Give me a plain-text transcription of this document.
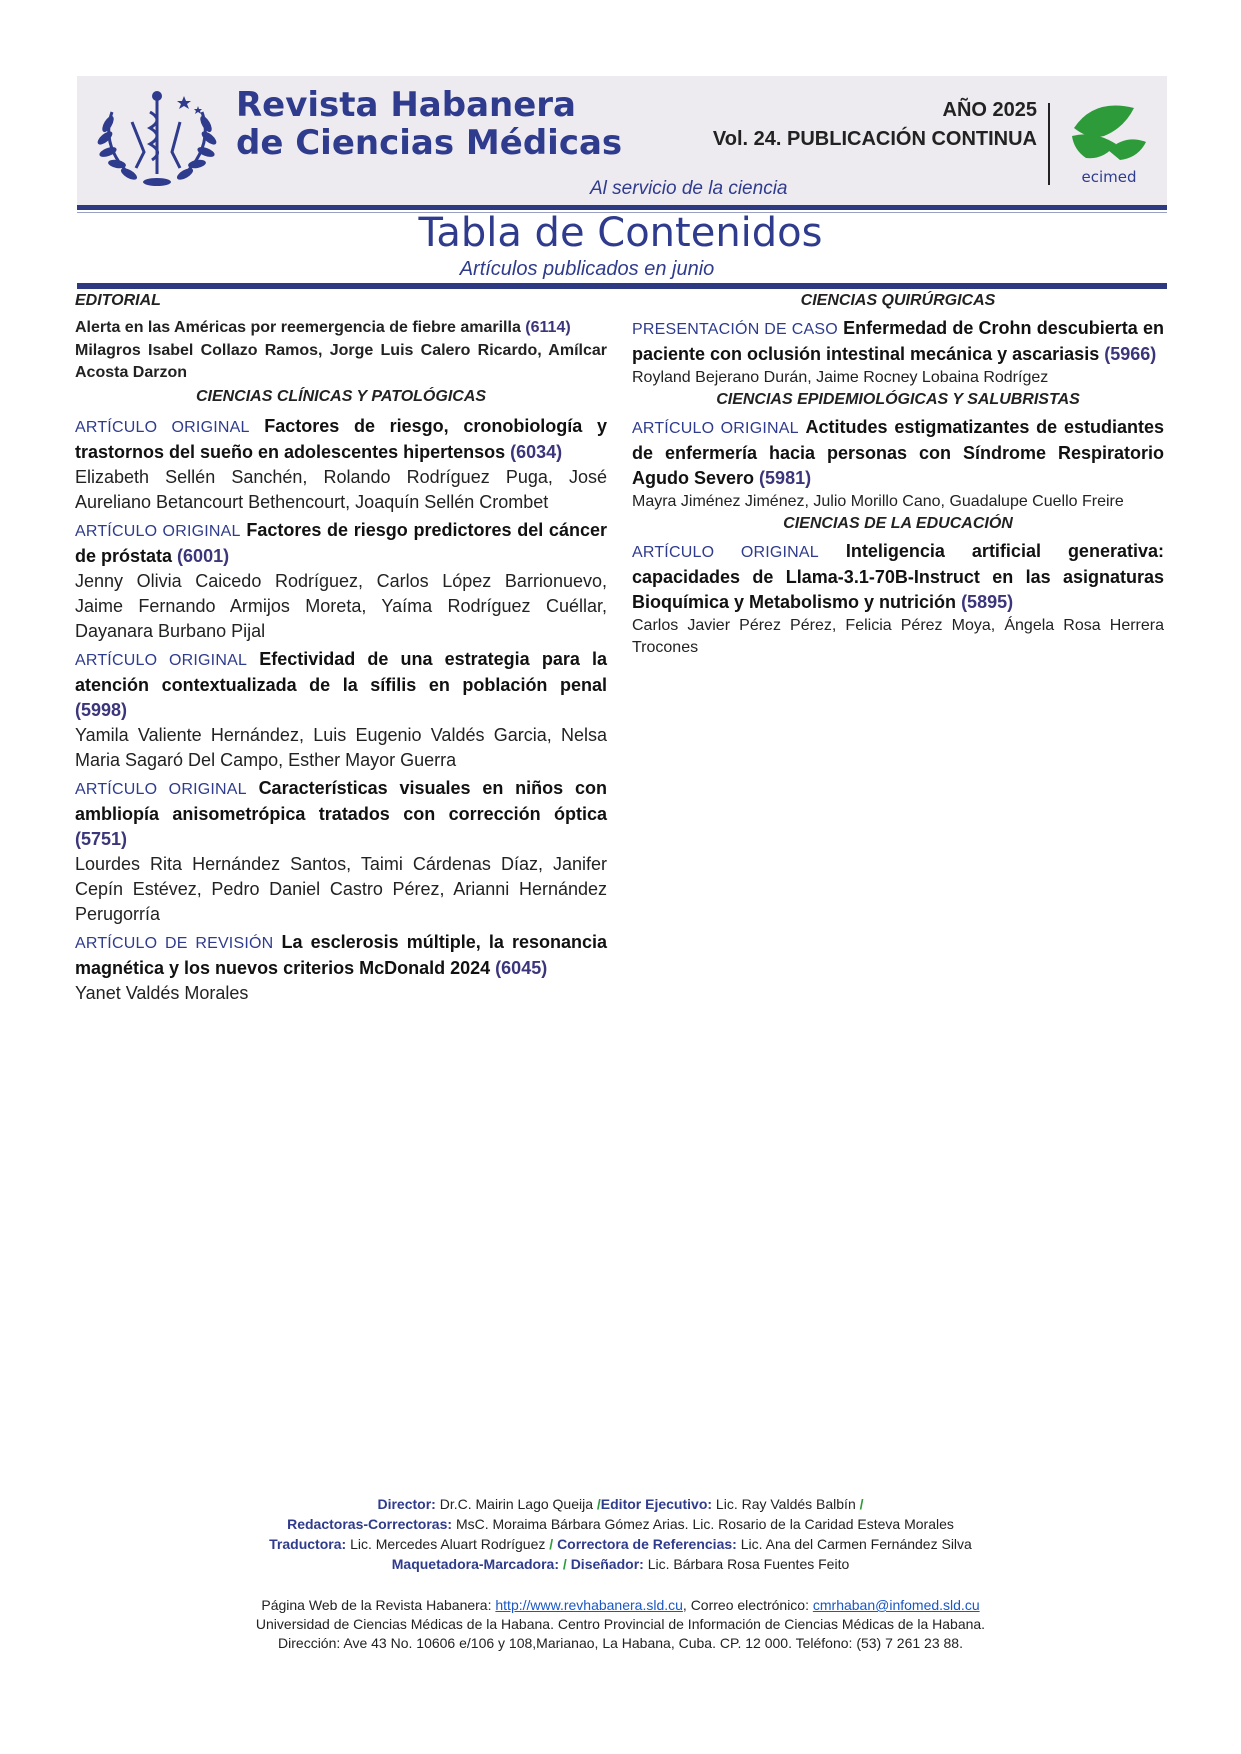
Revista Habanera
de Ciencias Médicas
AÑO 2025
Vol. 24. PUBLICACIÓN CONTINUA
ecimed
Al servicio de la ciencia
Tabla de Contenidos
Artículos publicados en junio
EDITORIAL
Alerta en las Américas por reemergencia de fiebre amarilla (6114)
Milagros Isabel Collazo Ramos, Jorge Luis Calero Ricardo, Amílcar Acosta Darzon
CIENCIAS CLÍNICAS Y PATOLÓGICAS
ARTÍCULO ORIGINAL Factores de riesgo, cronobiología y trastornos del sueño en adolescentes hipertensos (6034)
Elizabeth Sellén Sanchén, Rolando Rodríguez Puga, José Aureliano Betancourt Bethencourt, Joaquín Sellén Crombet
ARTÍCULO ORIGINAL Factores de riesgo predictores del cáncer de próstata (6001)
Jenny Olivia Caicedo Rodríguez, Carlos López Barrionuevo, Jaime Fernando Armijos Moreta, Yaíma Rodríguez Cuéllar, Dayanara Burbano Pijal
ARTÍCULO ORIGINAL Efectividad de una estrategia para la atención contextualizada de la sífilis en población penal (5998)
Yamila Valiente Hernández, Luis Eugenio Valdés Garcia, Nelsa Maria Sagaró Del Campo, Esther Mayor Guerra
ARTÍCULO ORIGINAL Características visuales en niños con ambliopía anisometrópica tratados con corrección óptica (5751)
Lourdes Rita Hernández Santos, Taimi Cárdenas Díaz, Janifer Cepín Estévez, Pedro Daniel Castro Pérez, Arianni Hernández Perugorría
ARTÍCULO DE REVISIÓN La esclerosis múltiple, la resonancia magnética y los nuevos criterios McDonald 2024 (6045)
Yanet Valdés Morales
CIENCIAS QUIRÚRGICAS
PRESENTACIÓN DE CASO Enfermedad de Crohn descubierta en paciente con oclusión intestinal mecánica y ascariasis (5966)
Royland Bejerano Durán, Jaime Rocney Lobaina Rodrígez
CIENCIAS EPIDEMIOLÓGICAS Y SALUBRISTAS
ARTÍCULO ORIGINAL Actitudes estigmatizantes de estudiantes de enfermería hacia personas con Síndrome Respiratorio Agudo Severo (5981)
Mayra Jiménez Jiménez, Julio Morillo Cano, Guadalupe Cuello Freire
CIENCIAS DE LA EDUCACIÓN
ARTÍCULO ORIGINAL Inteligencia artificial generativa: capacidades de Llama-3.1-70B-Instruct en las asignaturas Bioquímica y Metabolismo y nutrición (5895)
Carlos Javier Pérez Pérez, Felicia Pérez Moya, Ángela Rosa Herrera Trocones
Director: Dr.C. Mairin Lago Queija /Editor Ejecutivo: Lic. Ray Valdés Balbín /
Redactoras-Correctoras: MsC. Moraima Bárbara Gómez Arias. Lic. Rosario de la Caridad Esteva Morales
Traductora: Lic. Mercedes Aluart Rodríguez / Correctora de Referencias: Lic. Ana del Carmen Fernández Silva
Maquetadora-Marcadora: / Diseñador: Lic. Bárbara Rosa Fuentes Feito
Página Web de la Revista Habanera: http://www.revhabanera.sld.cu, Correo electrónico: cmrhaban@infomed.sld.cu
Universidad de Ciencias Médicas de la Habana. Centro Provincial de Información de Ciencias Médicas de la Habana.
Dirección: Ave 43 No. 10606 e/106 y 108,Marianao, La Habana, Cuba. CP. 12 000. Teléfono: (53) 7 261 23 88.
